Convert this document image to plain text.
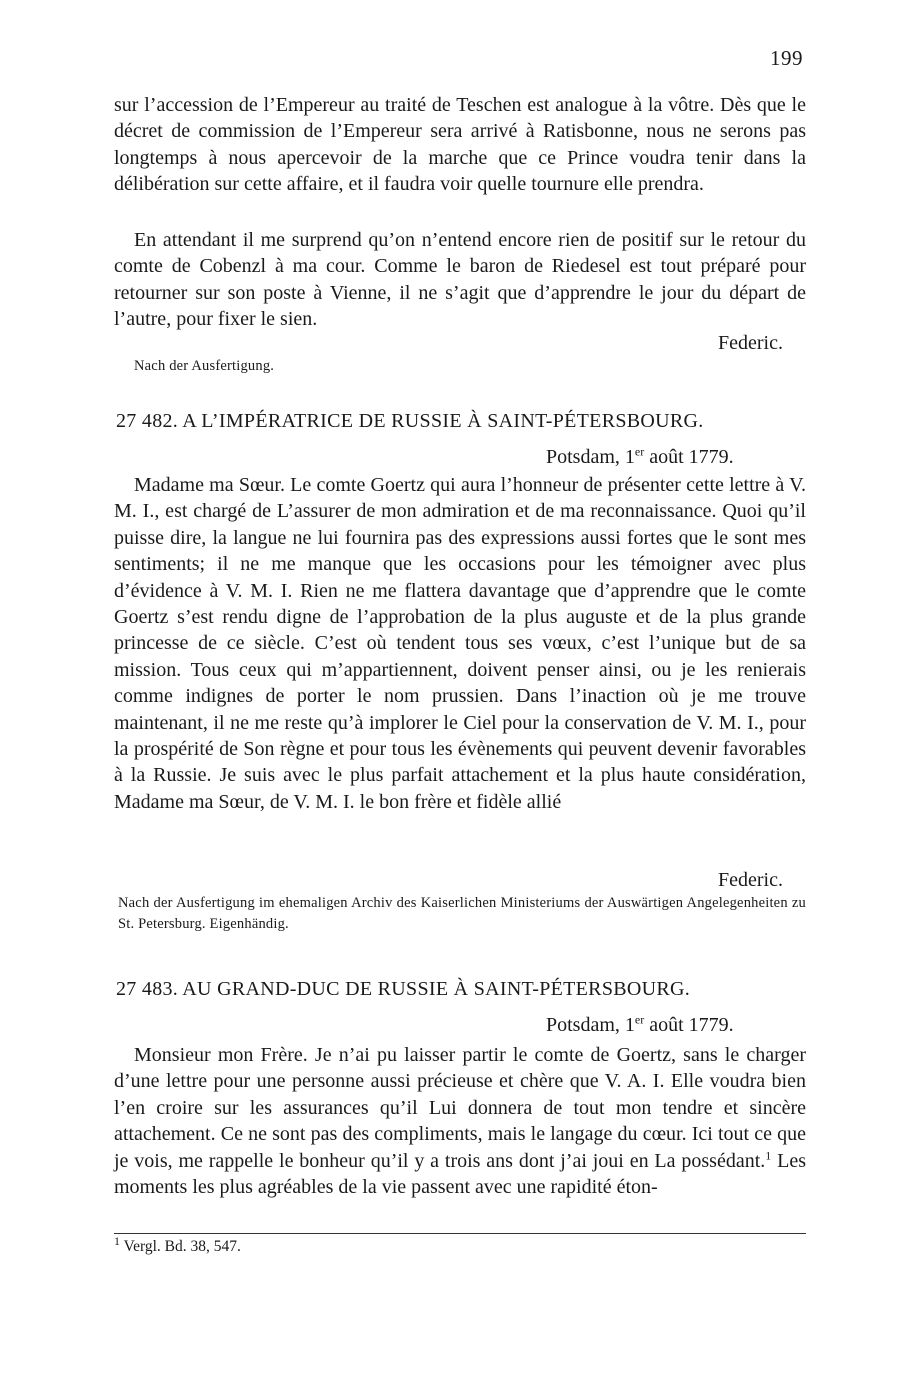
199

sur l’accession de l’Empereur au traité de Teschen est analogue à la vôtre. Dès que le décret de commission de l’Empereur sera arrivé à Ratisbonne, nous ne serons pas longtemps à nous apercevoir de la marche que ce Prince voudra tenir dans la délibération sur cette affaire, et il faudra voir quelle tournure elle prendra.

En attendant il me surprend qu’on n’entend encore rien de positif sur le retour du comte de Cobenzl à ma cour. Comme le baron de Riedesel est tout préparé pour retourner sur son poste à Vienne, il ne s’agit que d’apprendre le jour du départ de l’autre, pour fixer le sien.

Federic.

Nach der Ausfertigung.

27 482. A L’IMPÉRATRICE DE RUSSIE À SAINT-PÉTERSBOURG.
Potsdam, 1er août 1779.

Madame ma Sœur. Le comte Goertz qui aura l’honneur de présenter cette lettre à V. M. I., est chargé de L’assurer de mon admiration et de ma reconnaissance. Quoi qu’il puisse dire, la langue ne lui fournira pas des expressions aussi fortes que le sont mes sentiments; il ne me manque que les occasions pour les témoigner avec plus d’évidence à V. M. I. Rien ne me flattera davantage que d’apprendre que le comte Goertz s’est rendu digne de l’approbation de la plus auguste et de la plus grande princesse de ce siècle. C’est où tendent tous ses vœux, c’est l’unique but de sa mission. Tous ceux qui m’appartiennent, doivent penser ainsi, ou je les renierais comme indignes de porter le nom prussien. Dans l’inaction où je me trouve maintenant, il ne me reste qu’à implorer le Ciel pour la conservation de V. M. I., pour la prospérité de Son règne et pour tous les évènements qui peuvent devenir favorables à la Russie. Je suis avec le plus parfait attachement et la plus haute considération, Madame ma Sœur, de V. M. I. le bon frère et fidèle allié

Federic.

Nach der Ausfertigung im ehemaligen Archiv des Kaiserlichen Ministeriums der Auswärtigen Angelegenheiten zu St. Petersburg. Eigenhändig.

27 483. AU GRAND-DUC DE RUSSIE À SAINT-PÉTERSBOURG.
Potsdam, 1er août 1779.

Monsieur mon Frère. Je n’ai pu laisser partir le comte de Goertz, sans le charger d’une lettre pour une personne aussi précieuse et chère que V. A. I. Elle voudra bien l’en croire sur les assurances qu’il Lui donnera de tout mon tendre et sincère attachement. Ce ne sont pas des compliments, mais le langage du cœur. Ici tout ce que je vois, me rappelle le bonheur qu’il y a trois ans dont j’ai joui en La possédant.$^1$ Les moments les plus agréables de la vie passent avec une rapidité éton-

$^1$ Vergl. Bd. 38, 547.
